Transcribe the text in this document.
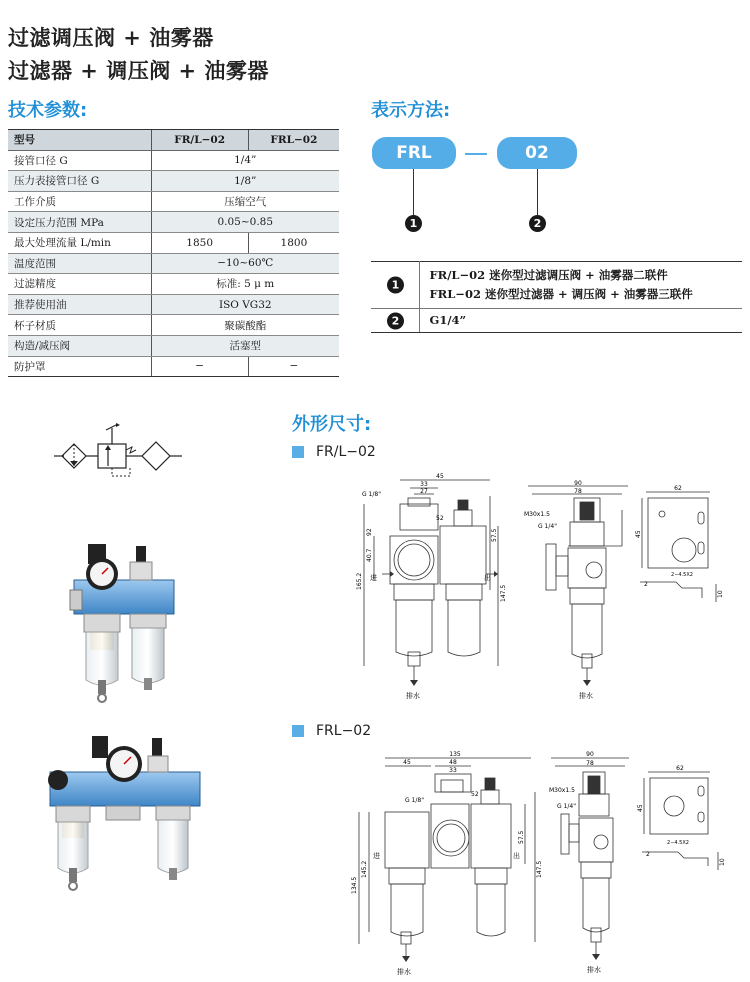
过滤调压阀 + 油雾器
过滤器 + 调压阀 + 油雾器
技术参数:
型号	FR/L−02	FRL−02
接管口径 G	1/4”	
压力表接管口径 G	1/8”	
工作介质	压缩空气	
设定压力范围 MPa	0.05~0.85	
最大处理流量 L/min	1850	1800
温度范围	−10~60℃	
过滤精度	标准: 5 μ m	
推荐使用油	ISO VG32	
杯子材质	聚碳酸酯	
构造/减压阀	活塞型	
防护罩	−	−
表示方法:
FRL	02
1	2
1	FR/L−02 迷你型过滤调压阀 + 油雾器二联件
FRL−02 迷你型过滤器 + 调压阀 + 油雾器三联件

2	G1/4”
外形尺寸:
FR/L−02
FRL−02
45
33
27
G 1/8"
52
进	出
排水
165.2
40.7
92	57.5
147.5
90
78
M30x1.5
G 1/4"
排水
62
45
2−4.5X2
2
10
135
45	48
33
G 1/8"
52
进	出
排水
134.5
145.2
57.5
147.5
90
78
M30x1.5
G 1/4"
排水
62
45
2−4.5X2
2
10
